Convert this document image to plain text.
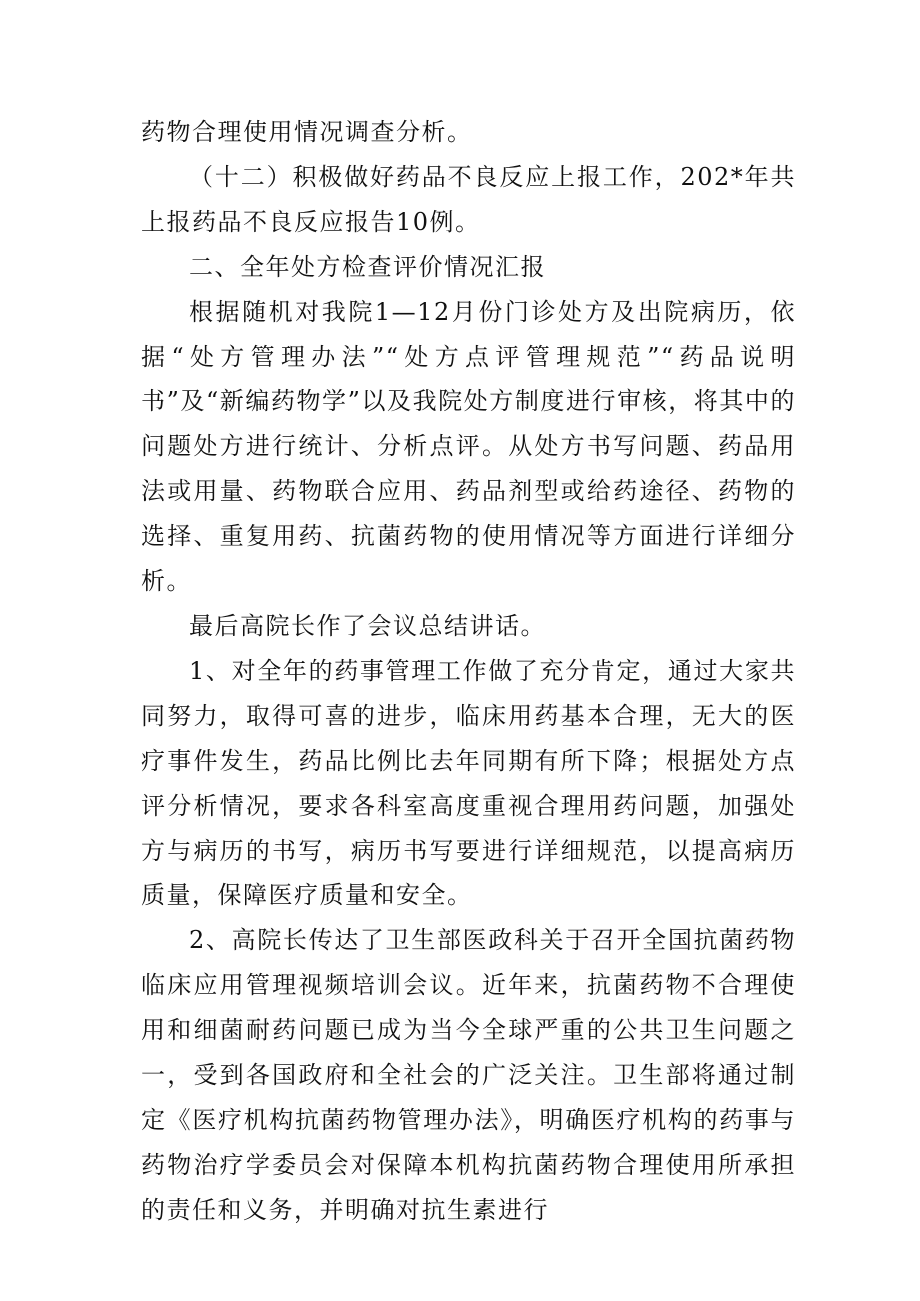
药物合理使用情况调查分析。

（十二）积极做好药品不良反应上报工作，202*年共上报药品不良反应报告10例。

二、全年处方检查评价情况汇报

根据随机对我院1—12月份门诊处方及出院病历，依据“处方管理办法”“处方点评管理规范”“药品说明书”及“新编药物学”以及我院处方制度进行审核，将其中的问题处方进行统计、分析点评。从处方书写问题、药品用法或用量、药物联合应用、药品剂型或给药途径、药物的选择、重复用药、抗菌药物的使用情况等方面进行详细分析。

最后高院长作了会议总结讲话。

1、对全年的药事管理工作做了充分肯定，通过大家共同努力，取得可喜的进步，临床用药基本合理，无大的医疗事件发生，药品比例比去年同期有所下降；根据处方点评分析情况，要求各科室高度重视合理用药问题，加强处方与病历的书写，病历书写要进行详细规范，以提高病历质量，保障医疗质量和安全。

2、高院长传达了卫生部医政科关于召开全国抗菌药物临床应用管理视频培训会议。近年来，抗菌药物不合理使用和细菌耐药问题已成为当今全球严重的公共卫生问题之一，受到各国政府和全社会的广泛关注。卫生部将通过制定《医疗机构抗菌药物管理办法》，明确医疗机构的药事与药物治疗学委员会对保障本机构抗菌药物合理使用所承担的责任和义务，并明确对抗生素进行
